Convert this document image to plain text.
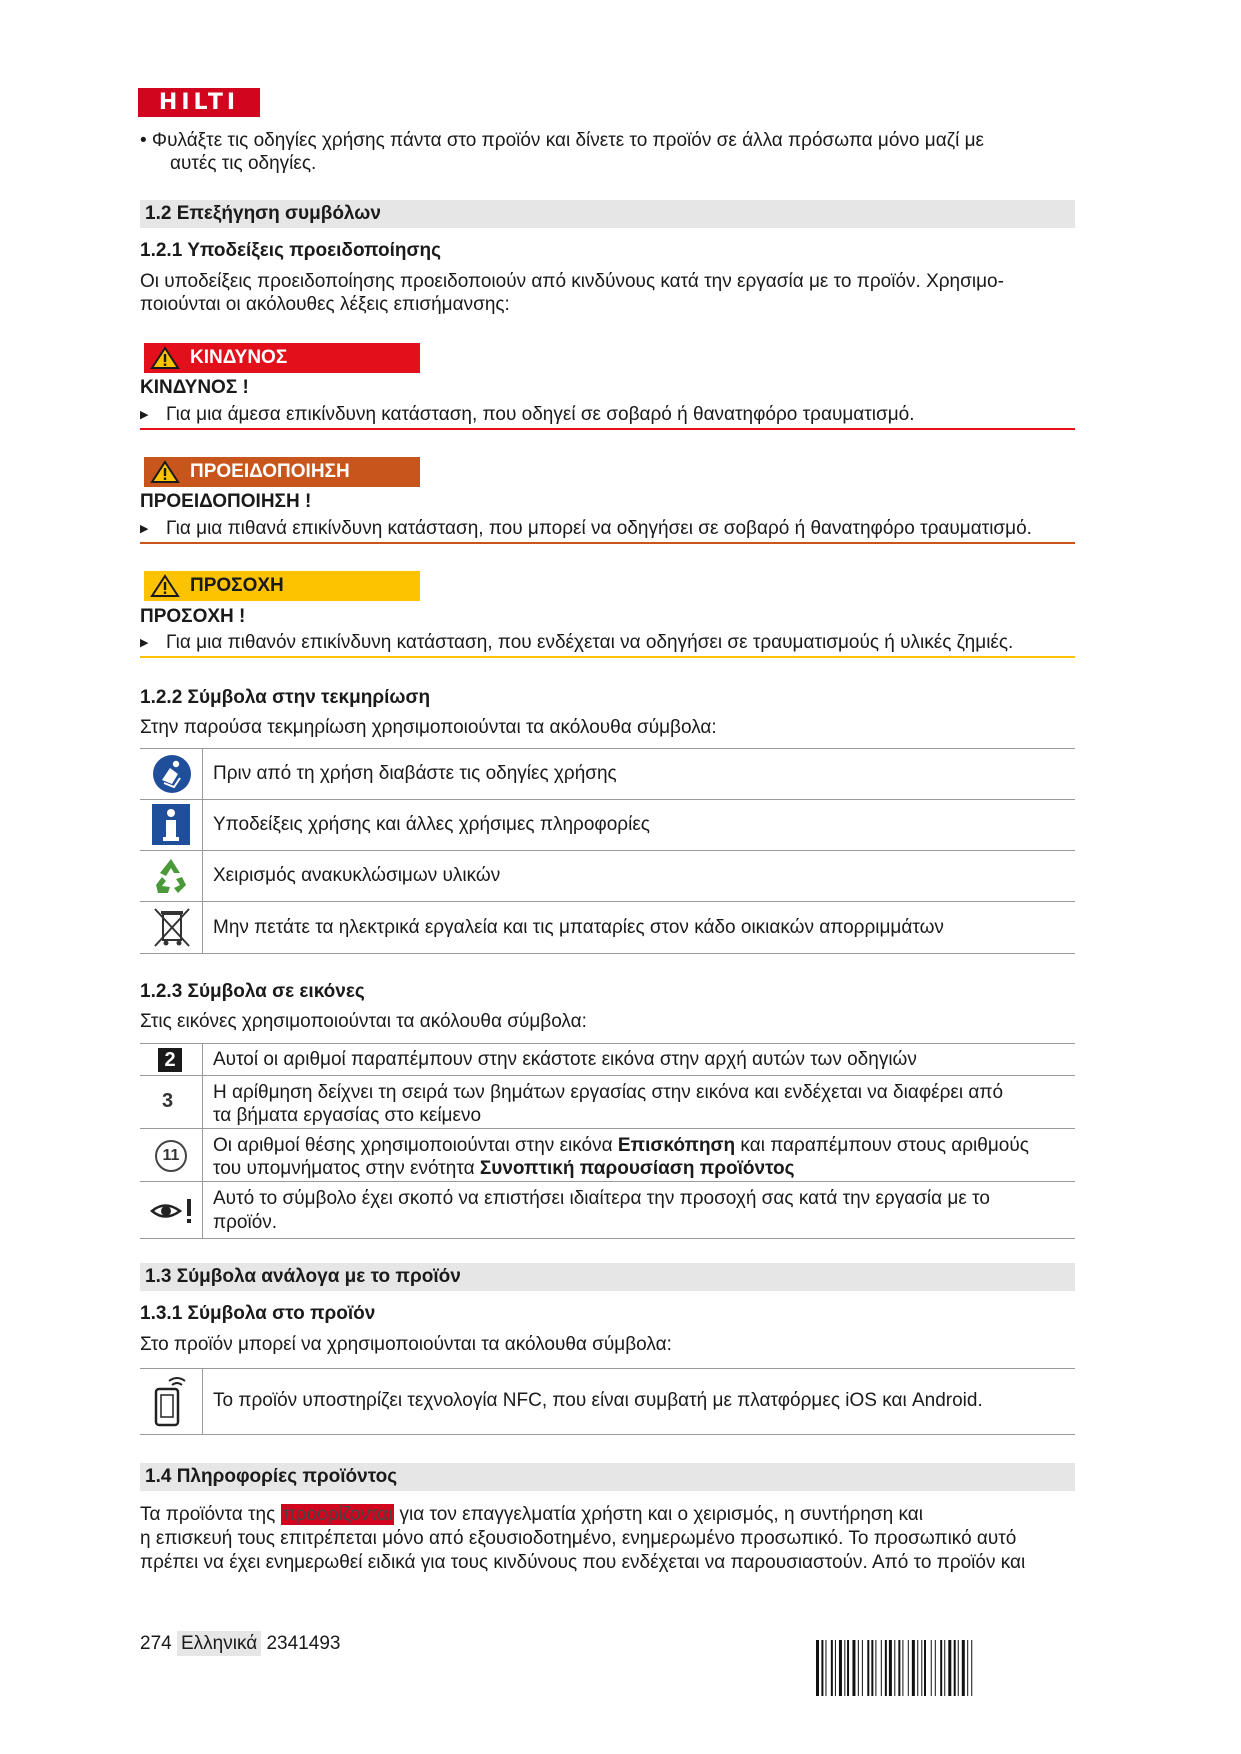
HILTI
• Φυλάξτε τις οδηγίες χρήσης πάντα στο προϊόν και δίνετε το προϊόν σε άλλα πρόσωπα μόνο μαζί με
αυτές τις οδηγίες.
1.2 Επεξήγηση συμβόλων
1.2.1 Υποδείξεις προειδοποίησης
Οι υποδείξεις προειδοποίησης προειδοποιούν από κινδύνους κατά την εργασία με το προϊόν. Χρησιμο-
ποιούνται οι ακόλουθες λέξεις επισήμανσης:
ΚΙΝΔΥΝΟΣ
ΚΙΝΔΥΝΟΣ !
▶ Για μια άμεσα επικίνδυνη κατάσταση, που οδηγεί σε σοβαρό ή θανατηφόρο τραυματισμό.
ΠΡΟΕΙΔΟΠΟΙΗΣΗ
ΠΡΟΕΙΔΟΠΟΙΗΣΗ !
▶ Για μια πιθανά επικίνδυνη κατάσταση, που μπορεί να οδηγήσει σε σοβαρό ή θανατηφόρο τραυματισμό.
ΠΡΟΣΟΧΗ
ΠΡΟΣΟΧΗ !
▶ Για μια πιθανόν επικίνδυνη κατάσταση, που ενδέχεται να οδηγήσει σε τραυματισμούς ή υλικές ζημιές.
1.2.2 Σύμβολα στην τεκμηρίωση
Στην παρούσα τεκμηρίωση χρησιμοποιούνται τα ακόλουθα σύμβολα:
Πριν από τη χρήση διαβάστε τις οδηγίες χρήσης
Υποδείξεις χρήσης και άλλες χρήσιμες πληροφορίες
Χειρισμός ανακυκλώσιμων υλικών
Μην πετάτε τα ηλεκτρικά εργαλεία και τις μπαταρίες στον κάδο οικιακών απορριμμάτων
1.2.3 Σύμβολα σε εικόνες
Στις εικόνες χρησιμοποιούνται τα ακόλουθα σύμβολα:
2	Αυτοί οι αριθμοί παραπέμπουν στην εκάστοτε εικόνα στην αρχή αυτών των οδηγιών
3 Η αρίθμηση δείχνει τη σειρά των βημάτων εργασίας στην εικόνα και ενδέχεται να διαφέρει από
τα βήματα εργασίας στο κείμενο
11	Οι αριθμοί θέσης χρησιμοποιούνται στην εικόνα Επισκόπηση και παραπέμπουν στους αριθμούς
του υπομνήματος στην ενότητα Συνοπτική παρουσίαση προϊόντος
Αυτό το σύμβολο έχει σκοπό να επιστήσει ιδιαίτερα την προσοχή σας κατά την εργασία με το
προϊόν.
1.3 Σύμβολα ανάλογα με το προϊόν
1.3.1 Σύμβολα στο προϊόν
Στο προϊόν μπορεί να χρησιμοποιούνται τα ακόλουθα σύμβολα:
Το προϊόν υποστηρίζει τεχνολογία NFC, που είναι συμβατή με πλατφόρμες iOS και Android.
1.4 Πληροφορίες προϊόντος
Τα προϊόντα της προορίζονται για τον επαγγελματία χρήστη και ο χειρισμός, η συντήρηση και
η επισκευή τους επιτρέπεται μόνο από εξουσιοδοτημένο, ενημερωμένο προσωπικό. Το προσωπικό αυτό
πρέπει να έχει ενημερωθεί ειδικά για τους κινδύνους που ενδέχεται να παρουσιαστούν. Από το προϊόν και
274 Ελληνικά 2341493
